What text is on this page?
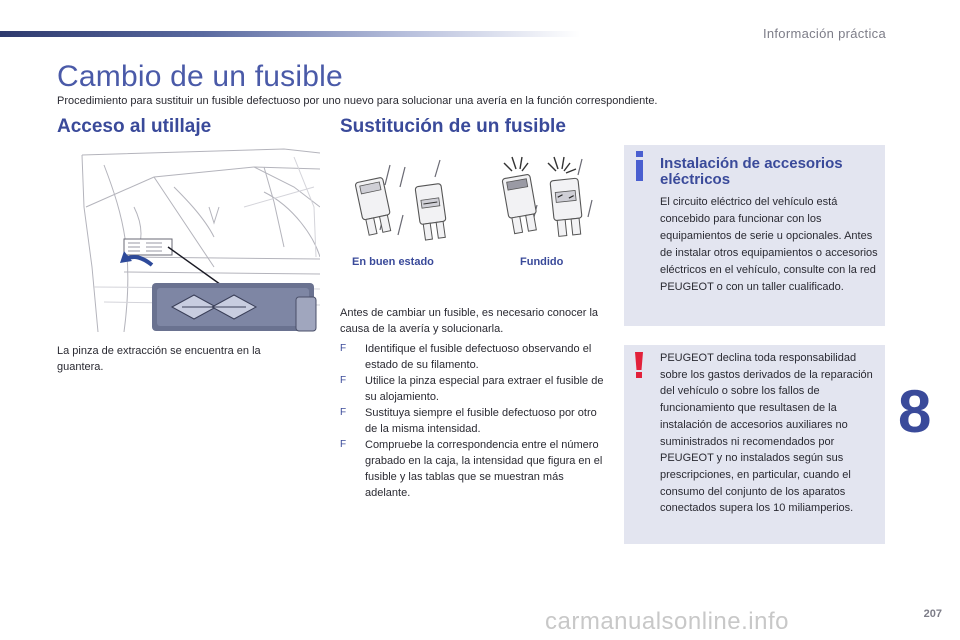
Información práctica
Cambio de un fusible
Procedimiento para sustituir un fusible defectuoso por uno nuevo para solucionar una avería en la función correspondiente.
Acceso al utillaje	Sustitución de un fusible
La pinza de extracción se encuentra en la guantera.
En buen estado	Fundido
Antes de cambiar un fusible, es necesario conocer la causa de la avería y solucionarla.
F Identifique el fusible defectuoso observando el estado de su filamento.
F Utilice la pinza especial para extraer el fusible de su alojamiento.
F Sustituya siempre el fusible defectuoso por otro de la misma intensidad.
F Compruebe la correspondencia entre el número grabado en la caja, la intensidad que figura en el fusible y las tablas que se muestran más adelante.
Instalación de accesorios eléctricos
El circuito eléctrico del vehículo está concebido para funcionar con los equipamientos de serie u opcionales. Antes de instalar otros equipamientos o accesorios eléctricos en el vehículo, consulte con la red PEUGEOT o con un taller cualificado.
PEUGEOT declina toda responsabilidad sobre los gastos derivados de la reparación del vehículo o sobre los fallos de funcionamiento que resultasen de la instalación de accesorios auxiliares no suministrados ni recomendados por PEUGEOT y no instalados según sus prescripciones, en particular, cuando el consumo del conjunto de los aparatos conectados supera los 10 miliamperios.
8
carmanualsonline.info	207
